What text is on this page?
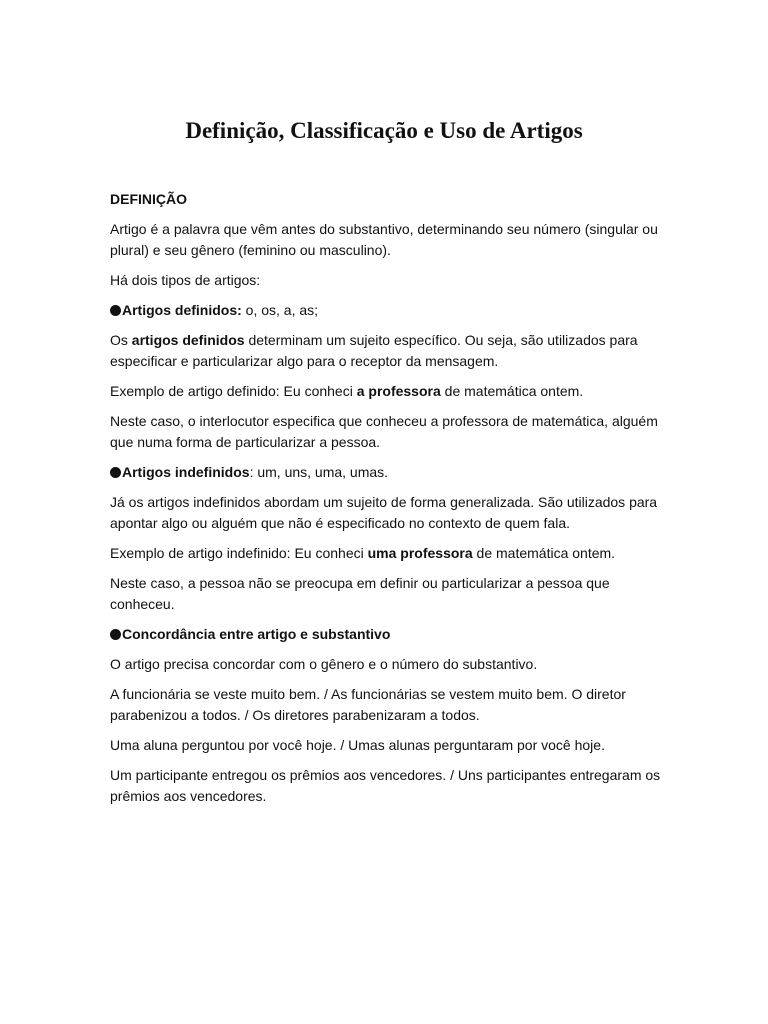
Definição, Classificação e Uso de Artigos

DEFINIÇÃO

Artigo é a palavra que vêm antes do substantivo, determinando seu número (singular ou plural) e seu gênero (feminino ou masculino).

Há dois tipos de artigos:

Artigos definidos: o, os, a, as;

Os artigos definidos determinam um sujeito específico. Ou seja, são utilizados para especificar e particularizar algo para o receptor da mensagem.

Exemplo de artigo definido: Eu conheci a professora de matemática ontem.

Neste caso, o interlocutor especifica que conheceu a professora de matemática, alguém que numa forma de particularizar a pessoa.

Artigos indefinidos: um, uns, uma, umas.

Já os artigos indefinidos abordam um sujeito de forma generalizada. São utilizados para apontar algo ou alguém que não é especificado no contexto de quem fala.

Exemplo de artigo indefinido: Eu conheci uma professora de matemática ontem.

Neste caso, a pessoa não se preocupa em definir ou particularizar a pessoa que conheceu.

Concordância entre artigo e substantivo

O artigo precisa concordar com o gênero e o número do substantivo.

A funcionária se veste muito bem. / As funcionárias se vestem muito bem. O diretor parabenizou a todos. / Os diretores parabenizaram a todos.

Uma aluna perguntou por você hoje. / Umas alunas perguntaram por você hoje.

Um participante entregou os prêmios aos vencedores. / Uns participantes entregaram os prêmios aos vencedores.
